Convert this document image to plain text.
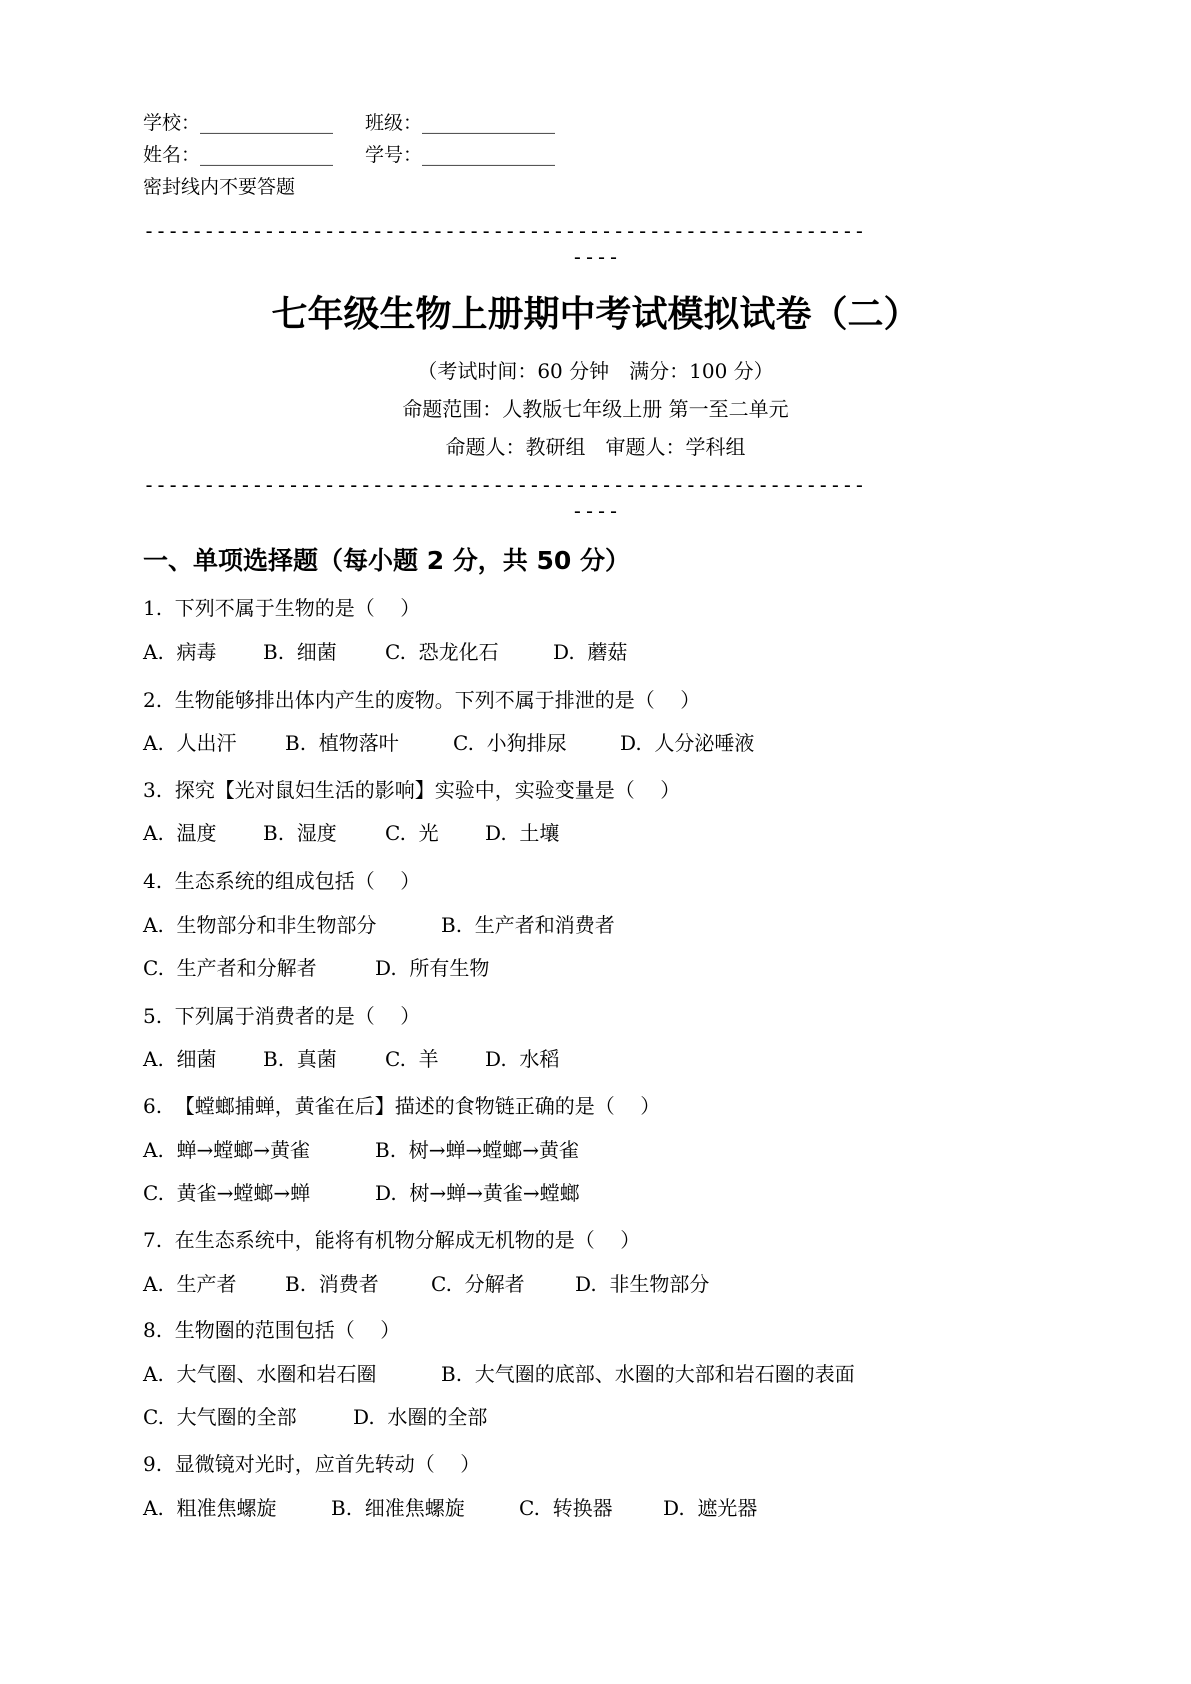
学校：______________ 班级：______________
姓名：______________ 学号：______________
密封线内不要答题
------------------------------------------------------------
----
七年级生物上册期中考试模拟试卷（二）
（考试时间：60 分钟　满分：100 分）
命题范围：人教版七年级上册 第一至二单元
命题人：教研组　审题人：学科组
------------------------------------------------------------
----
一、单项选择题（每小题 2 分，共 50 分）
1.  下列不属于生物的是（    ）
A.  病毒 B.  细菌 C.  恐龙化石	D.  蘑菇
2.  生物能够排出体内产生的废物。下列不属于排泄的是（    ）
A.  人出汗 B.  植物落叶	C.  小狗排尿	D.  人分泌唾液
3.  探究【光对鼠妇生活的影响】实验中，实验变量是（    ）
A.  温度 B.  湿度 C.  光 D.  土壤
4.  生态系统的组成包括（    ）
A.  生物部分和非生物部分	B.  生产者和消费者
C.  生产者和分解者	D.  所有生物
5.  下列属于消费者的是（    ）
A.  细菌 B.  真菌 C.  羊 D.  水稻
6.  【螳螂捕蝉，黄雀在后】描述的食物链正确的是（    ）
A.  蝉→螳螂→黄雀	B.  树→蝉→螳螂→黄雀
C.  黄雀→螳螂→蝉	D.  树→蝉→黄雀→螳螂
7.  在生态系统中，能将有机物分解成无机物的是（    ）
A.  生产者 B.  消费者	C.  分解者	D.  非生物部分
8.  生物圈的范围包括（    ）
A.  大气圈、水圈和岩石圈	B.  大气圈的底部、水圈的大部和岩石圈的表面
C.  大气圈的全部	D.  水圈的全部
9.  显微镜对光时，应首先转动（    ）
A.  粗准焦螺旋	B.  细准焦螺旋	C.  转换器	D.  遮光器
